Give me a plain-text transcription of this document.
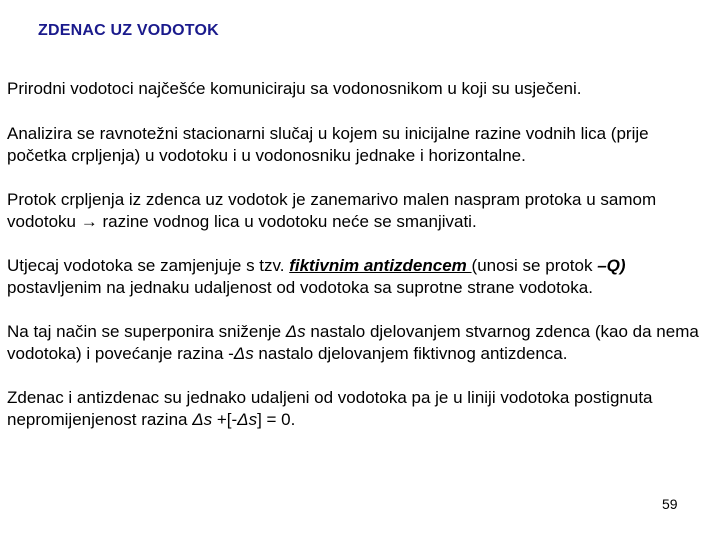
ZDENAC UZ VODOTOK

Prirodni vodotoci najčešće komuniciraju sa vodonosnikom u koji su usječeni.

Analizira se ravnotežni stacionarni slučaj u kojem su inicijalne razine vodnih lica (prije početka crpljenja) u vodotoku i u vodonosniku jednake i horizontalne.

Protok crpljenja iz zdenca uz vodotok je zanemarivo malen naspram protoka u samom vodotoku → razine vodnog lica u vodotoku neće se smanjivati.

Utjecaj vodotoka se zamjenjuje s tzv. fiktivnim antizdencem (unosi se protok –Q) postavljenim na jednaku udaljenost od vodotoka sa suprotne strane vodotoka.

Na taj način se superponira sniženje Δs nastalo djelovanjem stvarnog zdenca (kao da nema vodotoka) i povećanje razina -Δs nastalo djelovanjem fiktivnog antizdenca.

Zdenac i antizdenac su jednako udaljeni od vodotoka pa je u liniji vodotoka postignuta nepromijenjenost razina Δs +[-Δs] = 0.

59
